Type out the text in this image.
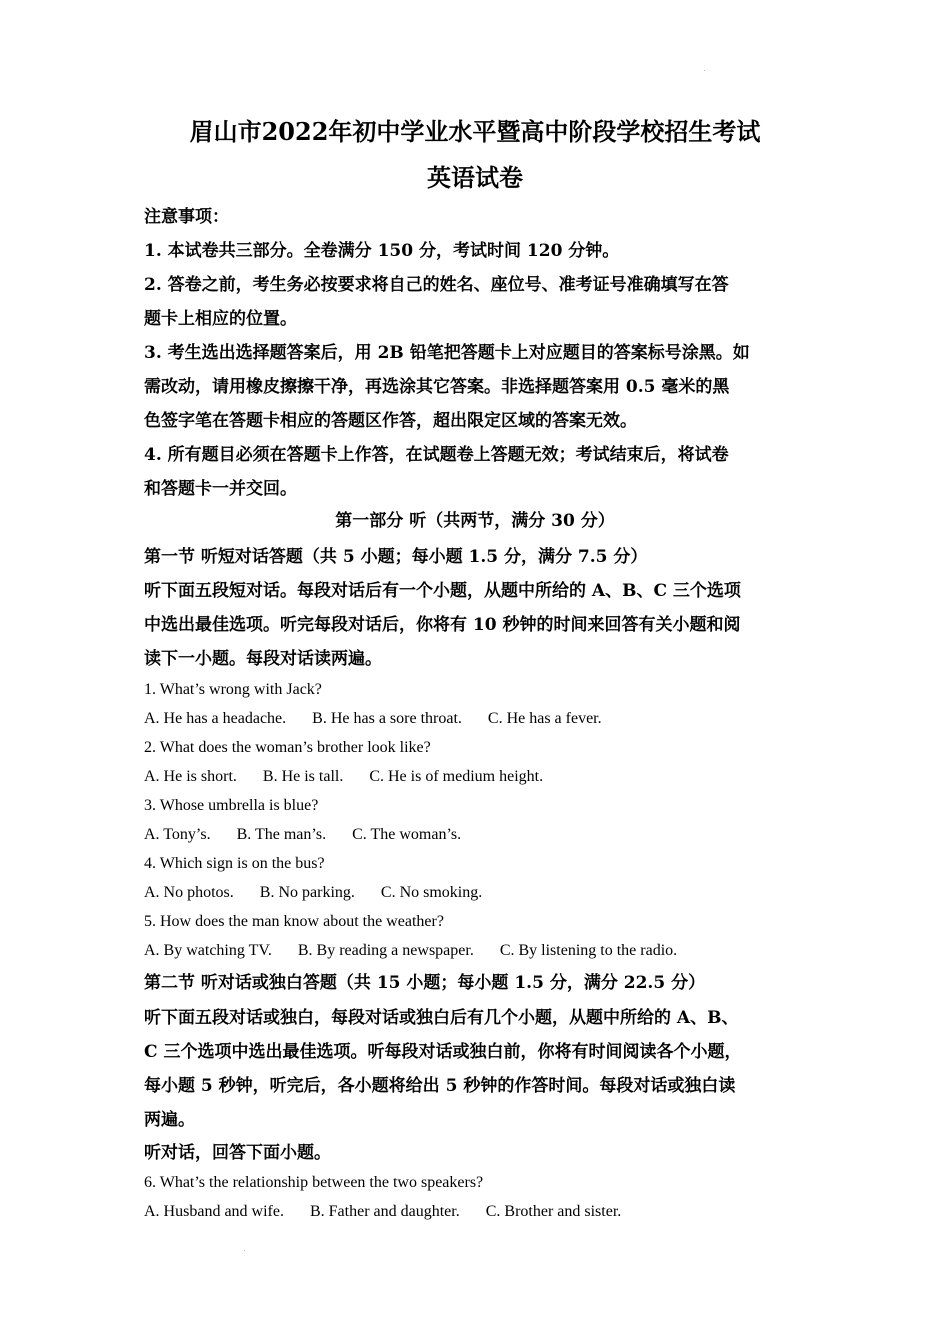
眉山市2022年初中学业水平暨高中阶段学校招生考试
英语试卷

注意事项：

1. 本试卷共三部分。全卷满分 150 分，考试时间 120 分钟。

2. 答卷之前，考生务必按要求将自己的姓名、座位号、准考证号准确填写在答

题卡上相应的位置。

3. 考生选出选择题答案后，用 2B 铅笔把答题卡上对应题目的答案标号涂黑。如

需改动，请用橡皮擦擦干净，再选涂其它答案。非选择题答案用 0.5 毫米的黑

色签字笔在答题卡相应的答题区作答，超出限定区域的答案无效。

4. 所有题目必须在答题卡上作答，在试题卷上答题无效；考试结束后，将试卷

和答题卡一并交回。

第一部分 听（共两节，满分 30 分）

第一节 听短对话答题（共 5 小题；每小题 1.5 分，满分 7.5 分）

听下面五段短对话。每段对话后有一个小题，从题中所给的 A、B、C 三个选项

中选出最佳选项。听完每段对话后，你将有 10 秒钟的时间来回答有关小题和阅

读下一小题。每段对话读两遍。

1. What’s wrong with Jack?

A. He has a headache. B. He has a sore throat. C. He has a fever.

2. What does the woman’s brother look like?

A. He is short. B. He is tall. C. He is of medium height.

3. Whose umbrella is blue?

A. Tony’s. B. The man’s. C. The woman’s.

4. Which sign is on the bus?

A. No photos. B. No parking. C. No smoking.

5. How does the man know about the weather?

A. By watching TV. B. By reading a newspaper. C. By listening to the radio.

第二节 听对话或独白答题（共 15 小题；每小题 1.5 分，满分 22.5 分）

听下面五段对话或独白，每段对话或独白后有几个小题，从题中所给的 A、B、

C 三个选项中选出最佳选项。听每段对话或独白前，你将有时间阅读各个小题，

每小题 5 秒钟，听完后，各小题将给出 5 秒钟的作答时间。每段对话或独白读

两遍。

听对话，回答下面小题。

6. What’s the relationship between the two speakers?

A. Husband and wife. B. Father and daughter. C. Brother and sister.
